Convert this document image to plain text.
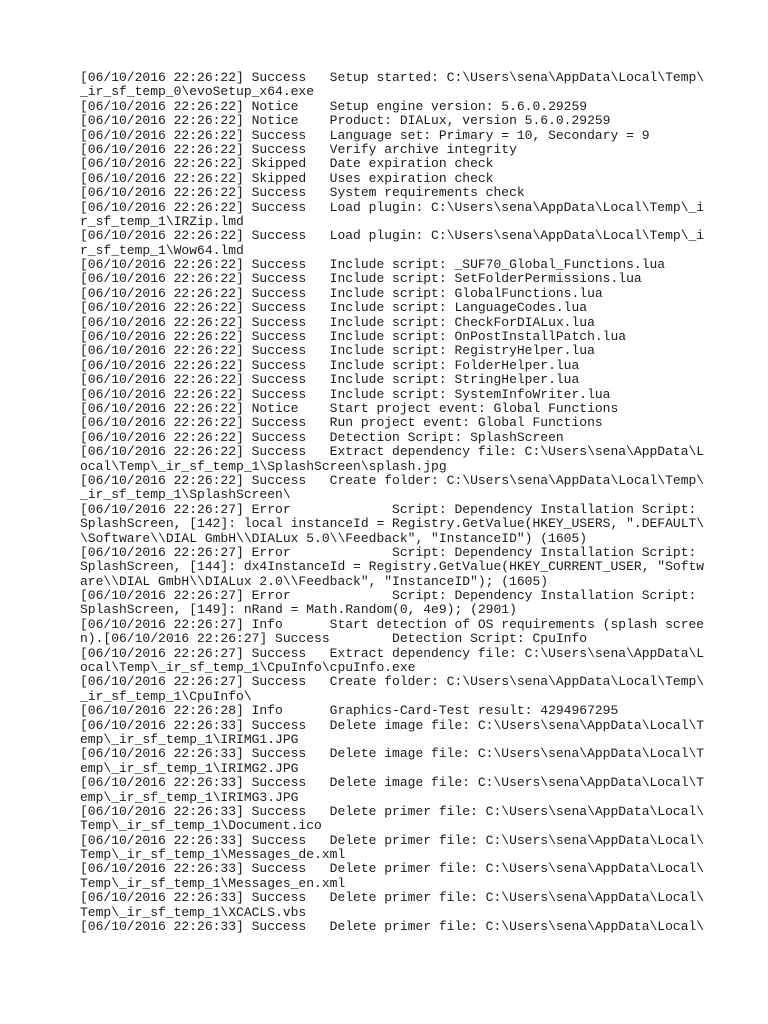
[06/10/2016 22:26:22] Success   Setup started: C:\Users\sena\AppData\Local\Temp\
_ir_sf_temp_0\evoSetup_x64.exe
[06/10/2016 22:26:22] Notice    Setup engine version: 5.6.0.29259
[06/10/2016 22:26:22] Notice    Product: DIALux, version 5.6.0.29259
[06/10/2016 22:26:22] Success   Language set: Primary = 10, Secondary = 9
[06/10/2016 22:26:22] Success   Verify archive integrity
[06/10/2016 22:26:22] Skipped   Date expiration check
[06/10/2016 22:26:22] Skipped   Uses expiration check
[06/10/2016 22:26:22] Success   System requirements check
[06/10/2016 22:26:22] Success   Load plugin: C:\Users\sena\AppData\Local\Temp\_i
r_sf_temp_1\IRZip.lmd
[06/10/2016 22:26:22] Success   Load plugin: C:\Users\sena\AppData\Local\Temp\_i
r_sf_temp_1\Wow64.lmd
[06/10/2016 22:26:22] Success   Include script: _SUF70_Global_Functions.lua
[06/10/2016 22:26:22] Success   Include script: SetFolderPermissions.lua
[06/10/2016 22:26:22] Success   Include script: GlobalFunctions.lua
[06/10/2016 22:26:22] Success   Include script: LanguageCodes.lua
[06/10/2016 22:26:22] Success   Include script: CheckForDIALux.lua
[06/10/2016 22:26:22] Success   Include script: OnPostInstallPatch.lua
[06/10/2016 22:26:22] Success   Include script: RegistryHelper.lua
[06/10/2016 22:26:22] Success   Include script: FolderHelper.lua
[06/10/2016 22:26:22] Success   Include script: StringHelper.lua
[06/10/2016 22:26:22] Success   Include script: SystemInfoWriter.lua
[06/10/2016 22:26:22] Notice    Start project event: Global Functions
[06/10/2016 22:26:22] Success   Run project event: Global Functions
[06/10/2016 22:26:22] Success   Detection Script: SplashScreen
[06/10/2016 22:26:22] Success   Extract dependency file: C:\Users\sena\AppData\L
ocal\Temp\_ir_sf_temp_1\SplashScreen\splash.jpg
[06/10/2016 22:26:22] Success   Create folder: C:\Users\sena\AppData\Local\Temp\
_ir_sf_temp_1\SplashScreen\
[06/10/2016 22:26:27] Error             Script: Dependency Installation Script:
SplashScreen, [142]: local instanceId = Registry.GetValue(HKEY_USERS, ".DEFAULT\
\Software\\DIAL GmbH\\DIALux 5.0\\Feedback", "InstanceID") (1605)
[06/10/2016 22:26:27] Error             Script: Dependency Installation Script:
SplashScreen, [144]: dx4InstanceId = Registry.GetValue(HKEY_CURRENT_USER, "Softw
are\\DIAL GmbH\\DIALux 2.0\\Feedback", "InstanceID"); (1605)
[06/10/2016 22:26:27] Error             Script: Dependency Installation Script:
SplashScreen, [149]: nRand = Math.Random(0, 4e9); (2901)
[06/10/2016 22:26:27] Info      Start detection of OS requirements (splash scree
n).[06/10/2016 22:26:27] Success        Detection Script: CpuInfo
[06/10/2016 22:26:27] Success   Extract dependency file: C:\Users\sena\AppData\L
ocal\Temp\_ir_sf_temp_1\CpuInfo\cpuInfo.exe
[06/10/2016 22:26:27] Success   Create folder: C:\Users\sena\AppData\Local\Temp\
_ir_sf_temp_1\CpuInfo\
[06/10/2016 22:26:28] Info      Graphics-Card-Test result: 4294967295
[06/10/2016 22:26:33] Success   Delete image file: C:\Users\sena\AppData\Local\T
emp\_ir_sf_temp_1\IRIMG1.JPG
[06/10/2016 22:26:33] Success   Delete image file: C:\Users\sena\AppData\Local\T
emp\_ir_sf_temp_1\IRIMG2.JPG
[06/10/2016 22:26:33] Success   Delete image file: C:\Users\sena\AppData\Local\T
emp\_ir_sf_temp_1\IRIMG3.JPG
[06/10/2016 22:26:33] Success   Delete primer file: C:\Users\sena\AppData\Local\
Temp\_ir_sf_temp_1\Document.ico
[06/10/2016 22:26:33] Success   Delete primer file: C:\Users\sena\AppData\Local\
Temp\_ir_sf_temp_1\Messages_de.xml
[06/10/2016 22:26:33] Success   Delete primer file: C:\Users\sena\AppData\Local\
Temp\_ir_sf_temp_1\Messages_en.xml
[06/10/2016 22:26:33] Success   Delete primer file: C:\Users\sena\AppData\Local\
Temp\_ir_sf_temp_1\XCACLS.vbs
[06/10/2016 22:26:33] Success   Delete primer file: C:\Users\sena\AppData\Local\
